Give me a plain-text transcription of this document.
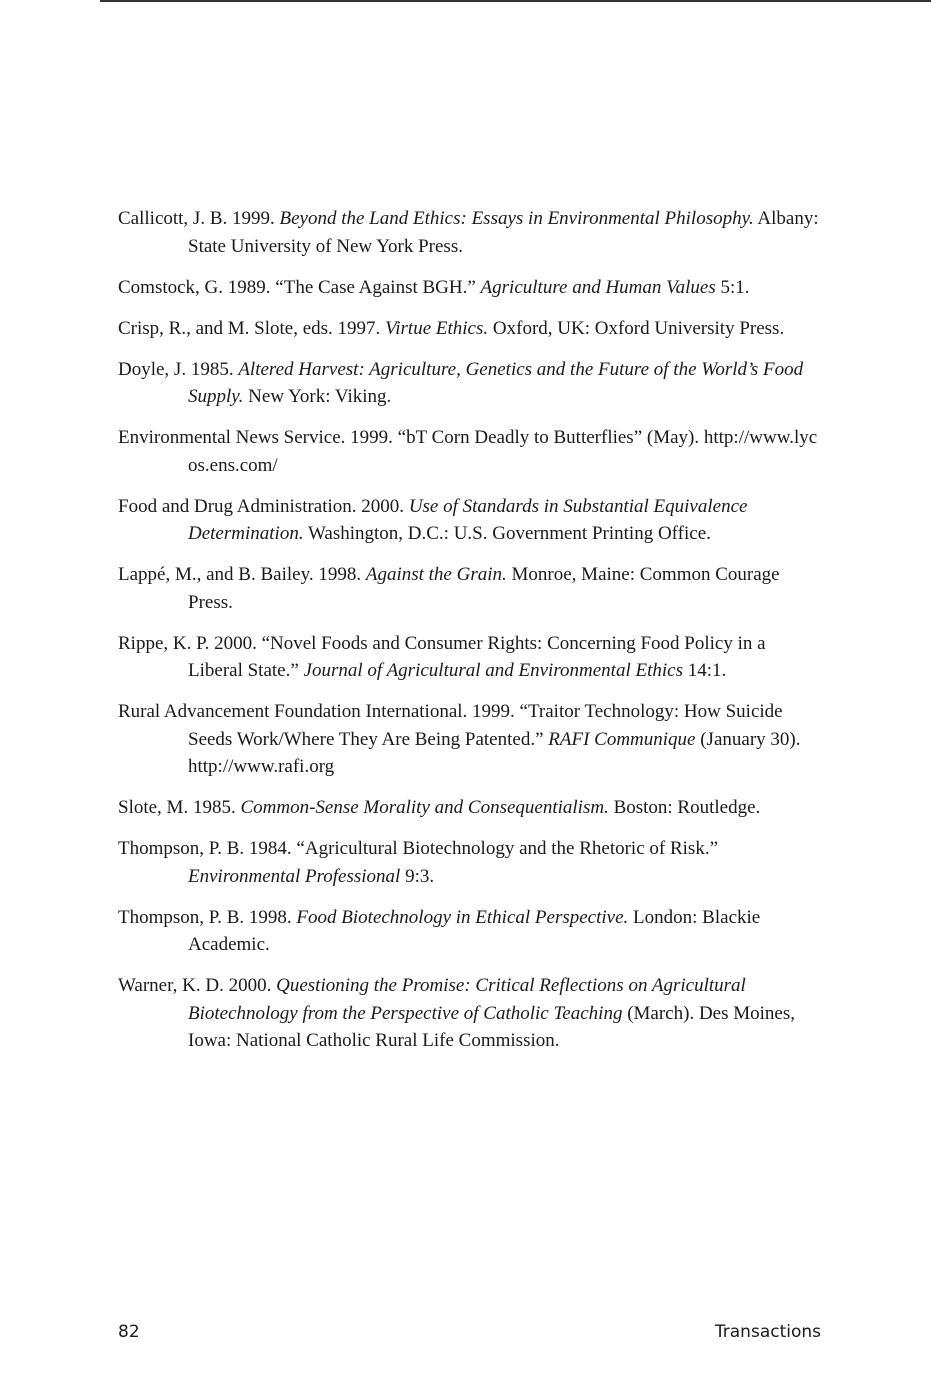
Callicott, J. B. 1999. Beyond the Land Ethics: Essays in Environmental Philosophy. Albany: State University of New York Press.
Comstock, G. 1989. “The Case Against BGH.” Agriculture and Human Values 5:1.
Crisp, R., and M. Slote, eds. 1997. Virtue Ethics. Oxford, UK: Oxford University Press.
Doyle, J. 1985. Altered Harvest: Agriculture, Genetics and the Future of the World’s Food Supply. New York: Viking.
Environmental News Service. 1999. “bT Corn Deadly to Butterflies” (May). http://www.lycos.ens.com/
Food and Drug Administration. 2000. Use of Standards in Substantial Equivalence Determination. Washington, D.C.: U.S. Government Printing Office.
Lappé, M., and B. Bailey. 1998. Against the Grain. Monroe, Maine: Common Courage Press.
Rippe, K. P. 2000. “Novel Foods and Consumer Rights: Concerning Food Policy in a Liberal State.” Journal of Agricultural and Environmental Ethics 14:1.
Rural Advancement Foundation International. 1999. “Traitor Technology: How Suicide Seeds Work/Where They Are Being Patented.” RAFI Communique (January 30). http://www.rafi.org
Slote, M. 1985. Common-Sense Morality and Consequentialism. Boston: Routledge.
Thompson, P. B. 1984. “Agricultural Biotechnology and the Rhetoric of Risk.” Environmental Professional 9:3.
Thompson, P. B. 1998. Food Biotechnology in Ethical Perspective. London: Blackie Academic.
Warner, K. D. 2000. Questioning the Promise: Critical Reflections on Agricultural Biotechnology from the Perspective of Catholic Teaching (March). Des Moines, Iowa: National Catholic Rural Life Commission.
82	Transactions
